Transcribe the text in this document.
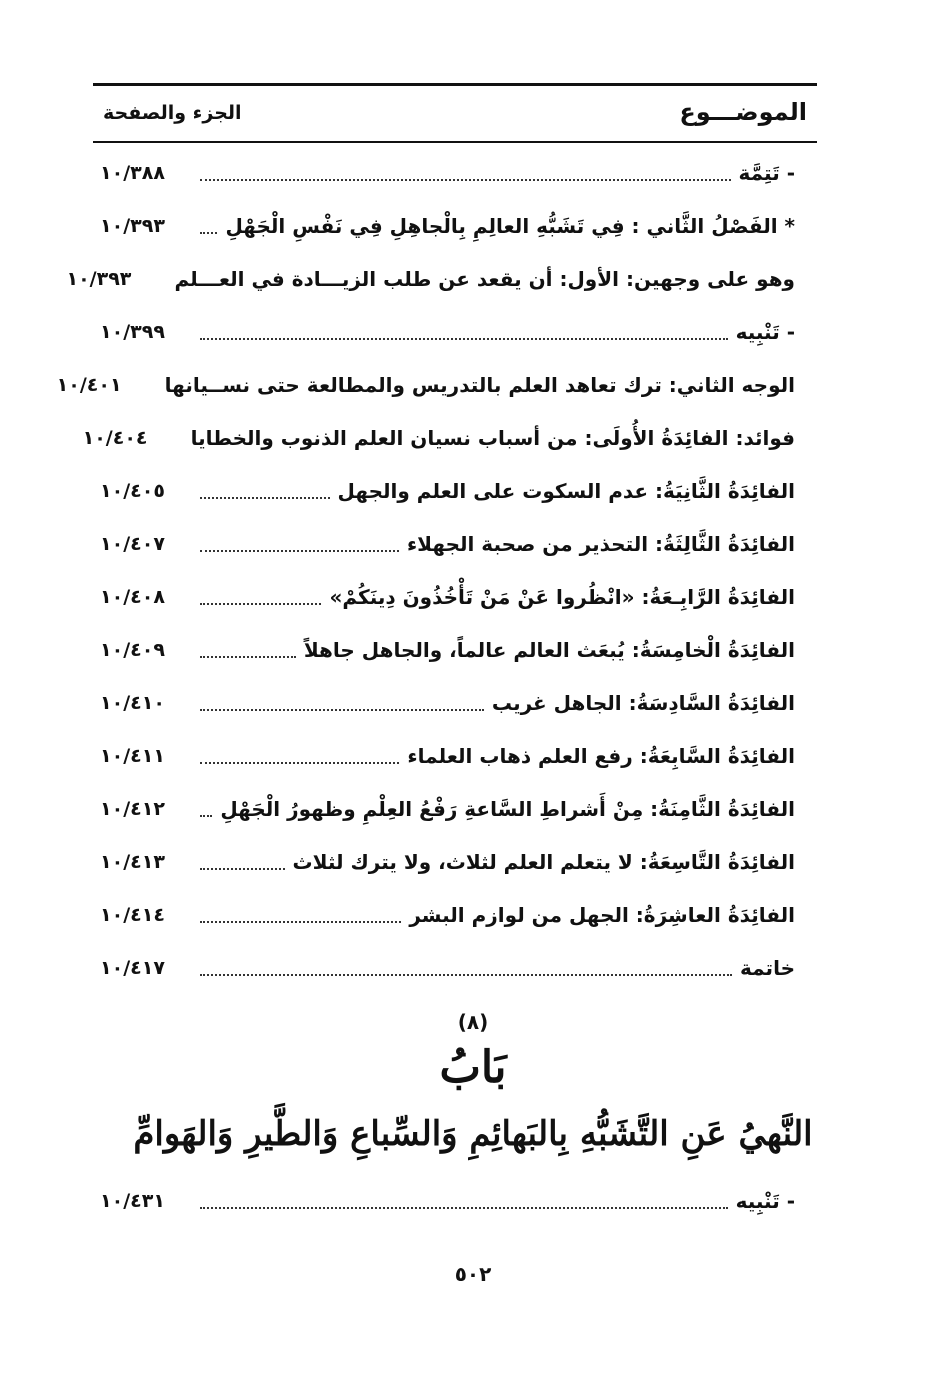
الموضـــوع
الجزء والصفحة
- تَتِمَّة
١٠/٣٨٨
* الفَصْلُ الثَّاني : فِي تَشَبُّهِ العالِمِ بِالْجاهِلِ فِي نَفْسِ الْجَهْلِ
١٠/٣٩٣
وهو على وجهين: الأول: أن يقعد عن طلب الزيـــادة في العـــلم
١٠/٣٩٣
- تَنْبِيه
١٠/٣٩٩
الوجه الثاني: ترك تعاهد العلم بالتدريس والمطالعة حتى نســيانها
١٠/٤٠١
فوائد: الفائِدَةُ الأُولَى: من أسباب نسيان العلم الذنوب والخطايا
١٠/٤٠٤
الفائِدَةُ الثَّانِيَةُ: عدم السكوت على العلم والجهل
١٠/٤٠٥
الفائِدَةُ الثَّالِثَةُ: التحذير من صحبة الجهلاء
١٠/٤٠٧
الفائِدَةُ الرَّابِـعَةُ: «انْظُروا عَنْ مَنْ تَأْخُذُونَ دِينَكُمْ»
١٠/٤٠٨
الفائِدَةُ الْخامِسَةُ: يُبعَث العالم عالماً، والجاهل جاهلاً
١٠/٤٠٩
الفائِدَةُ السَّادِسَةُ: الجاهل غريب
١٠/٤١٠
الفائِدَةُ السَّابِعَةُ: رفع العلم ذهاب العلماء
١٠/٤١١
الفائِدَةُ الثَّامِنَةُ: مِنْ أَشراطِ السَّاعةِ رَفْعُ العِلْمِ وظهورُ الْجَهْلِ
١٠/٤١٢
الفائِدَةُ التَّاسِعَةُ: لا يتعلم العلم لثلاث، ولا يترك لثلاث
١٠/٤١٣
الفائِدَةُ العاشِرَةُ: الجهل من لوازم البشر
١٠/٤١٤
خاتمة
١٠/٤١٧
(٨)
بَابُ
النَّهيُ عَنِ التَّشَبُّهِ بِالبَهائِمِ وَالسِّباعِ وَالطَّيرِ وَالهَوامِّ
- تَنْبِيه
١٠/٤٣١
٥٠٢
